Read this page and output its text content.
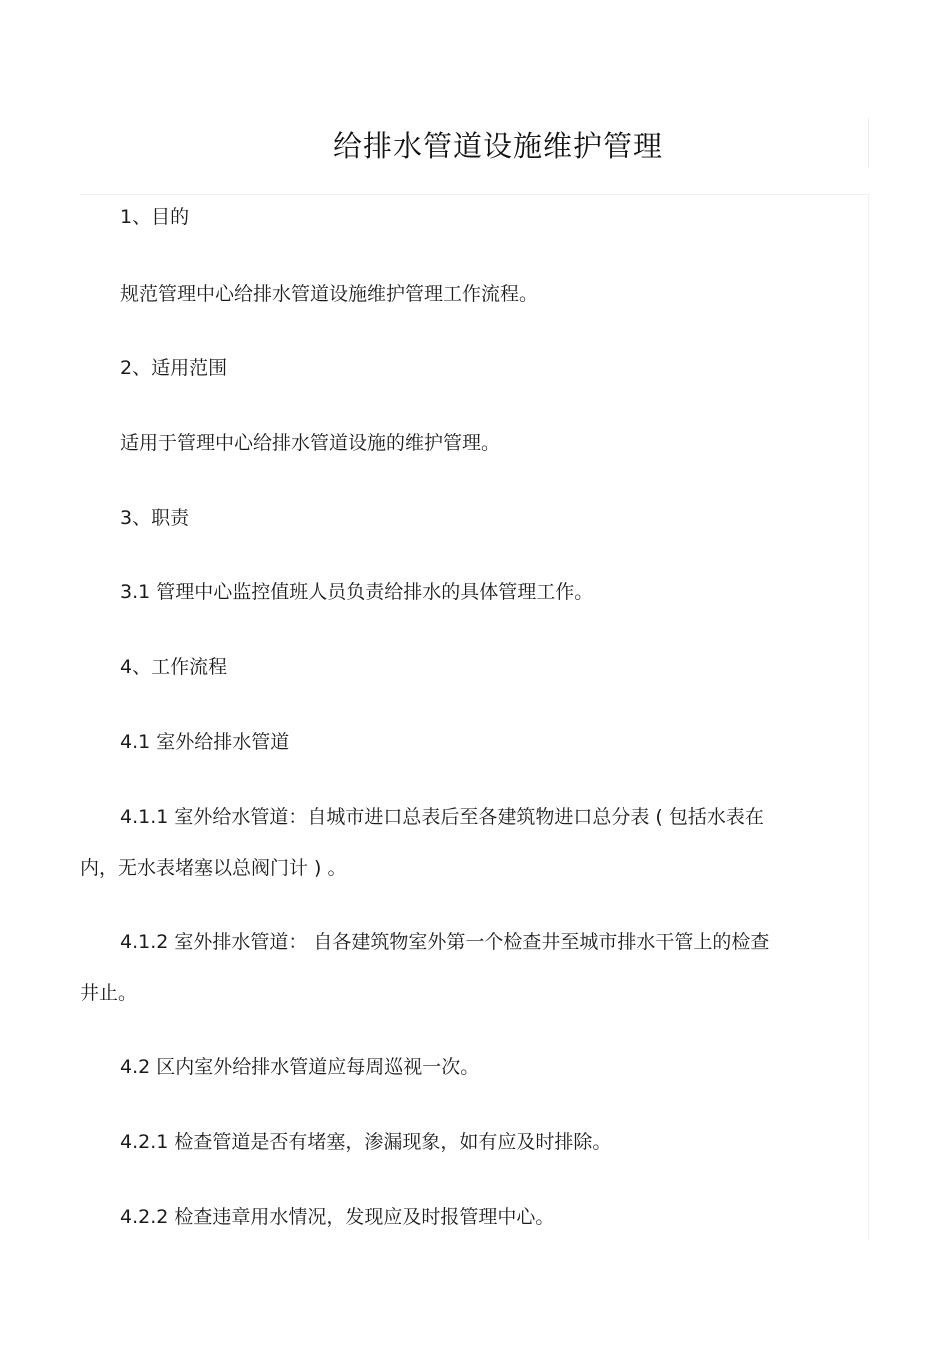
给排水管道设施维护管理
1、目的
规范管理中心给排水管道设施维护管理工作流程。
2、适用范围
适用于管理中心给排水管道设施的维护管理。
3、职责
3.1 管理中心监控值班人员负责给排水的具体管理工作。
4、工作流程
4.1 室外给排水管道
4.1.1 室外给水管道：自城市进口总表后至各建筑物进口总分表 ( 包括水表在
内，无水表堵塞以总阀门计 ) 。
4.1.2 室外排水管道： 自各建筑物室外第一个检查井至城市排水干管上的检查
井止。
4.2 区内室外给排水管道应每周巡视一次。
4.2.1 检查管道是否有堵塞，渗漏现象，如有应及时排除。
4.2.2 检查违章用水情况，发现应及时报管理中心。
